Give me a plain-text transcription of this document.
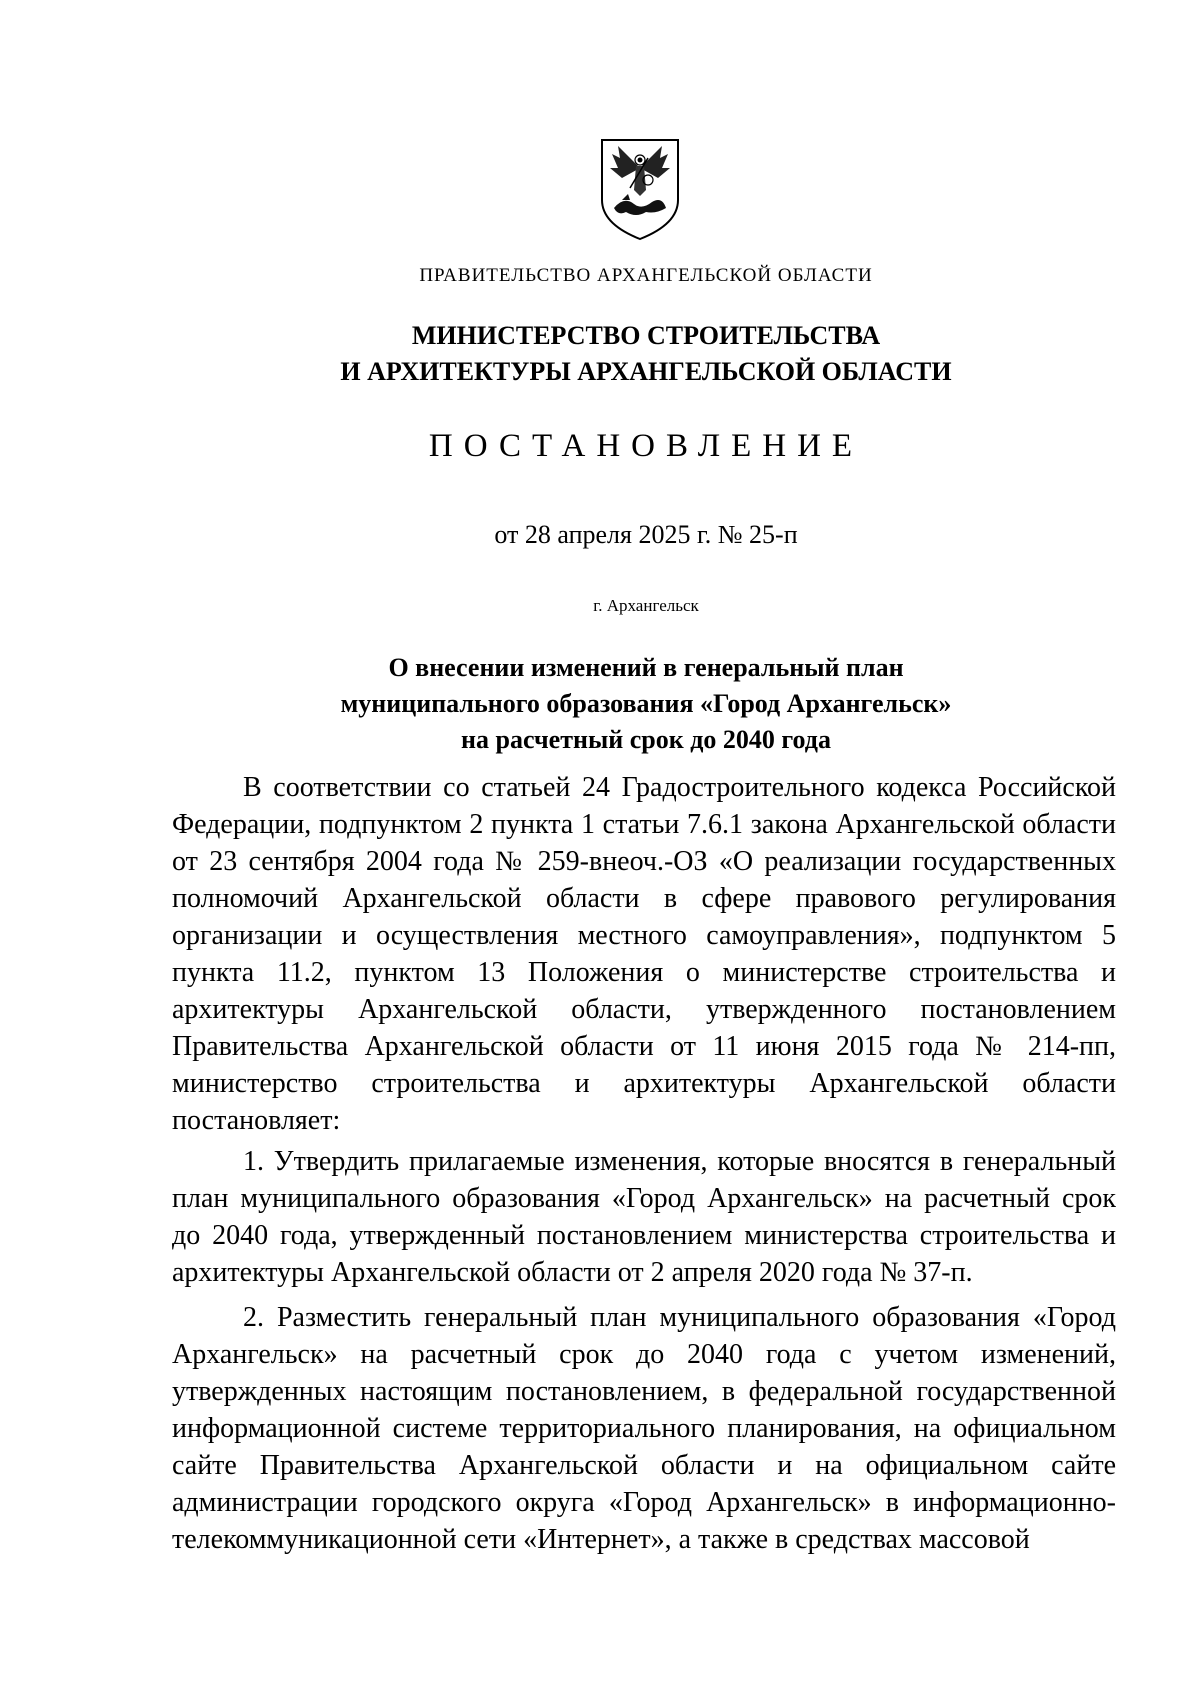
ПРАВИТЕЛЬСТВО АРХАНГЕЛЬСКОЙ ОБЛАСТИ
МИНИСТЕРСТВО СТРОИТЕЛЬСТВА
И АРХИТЕКТУРЫ АРХАНГЕЛЬСКОЙ ОБЛАСТИ
ПОСТАНОВЛЕНИЕ
от 28 апреля 2025 г. № 25-п
г. Архангельск
О внесении изменений в генеральный план
муниципального образования «Город Архангельск»
на расчетный срок до 2040 года

В соответствии со статьей 24 Градостроительного кодекса Российской Федерации, подпунктом 2 пункта 1 статьи 7.6.1 закона Архангельской области от 23 сентября 2004 года № 259-внеоч.-ОЗ «О реализации государственных полномочий Архангельской области в сфере правового регулирования организации и осуществления местного самоуправления», подпунктом 5 пункта 11.2, пунктом 13 Положения о министерстве строительства и архитектуры Архангельской области, утвержденного постановлением Правительства Архангельской области от 11 июня 2015 года № 214-пп, министерство строительства и архитектуры Архангельской области постановляет:

1. Утвердить прилагаемые изменения, которые вносятся в генеральный план муниципального образования «Город Архангельск» на расчетный срок до 2040 года, утвержденный постановлением министерства строительства и архитектуры Архангельской области от 2 апреля 2020 года № 37-п.

2. Разместить генеральный план муниципального образования «Город Архангельск» на расчетный срок до 2040 года с учетом изменений, утвержденных настоящим постановлением, в федеральной государственной информационной системе территориального планирования, на официальном сайте Правительства Архангельской области и на официальном сайте администрации городского округа «Город Архангельск» в информационно-телекоммуникационной сети «Интернет», а также в средствах массовой
